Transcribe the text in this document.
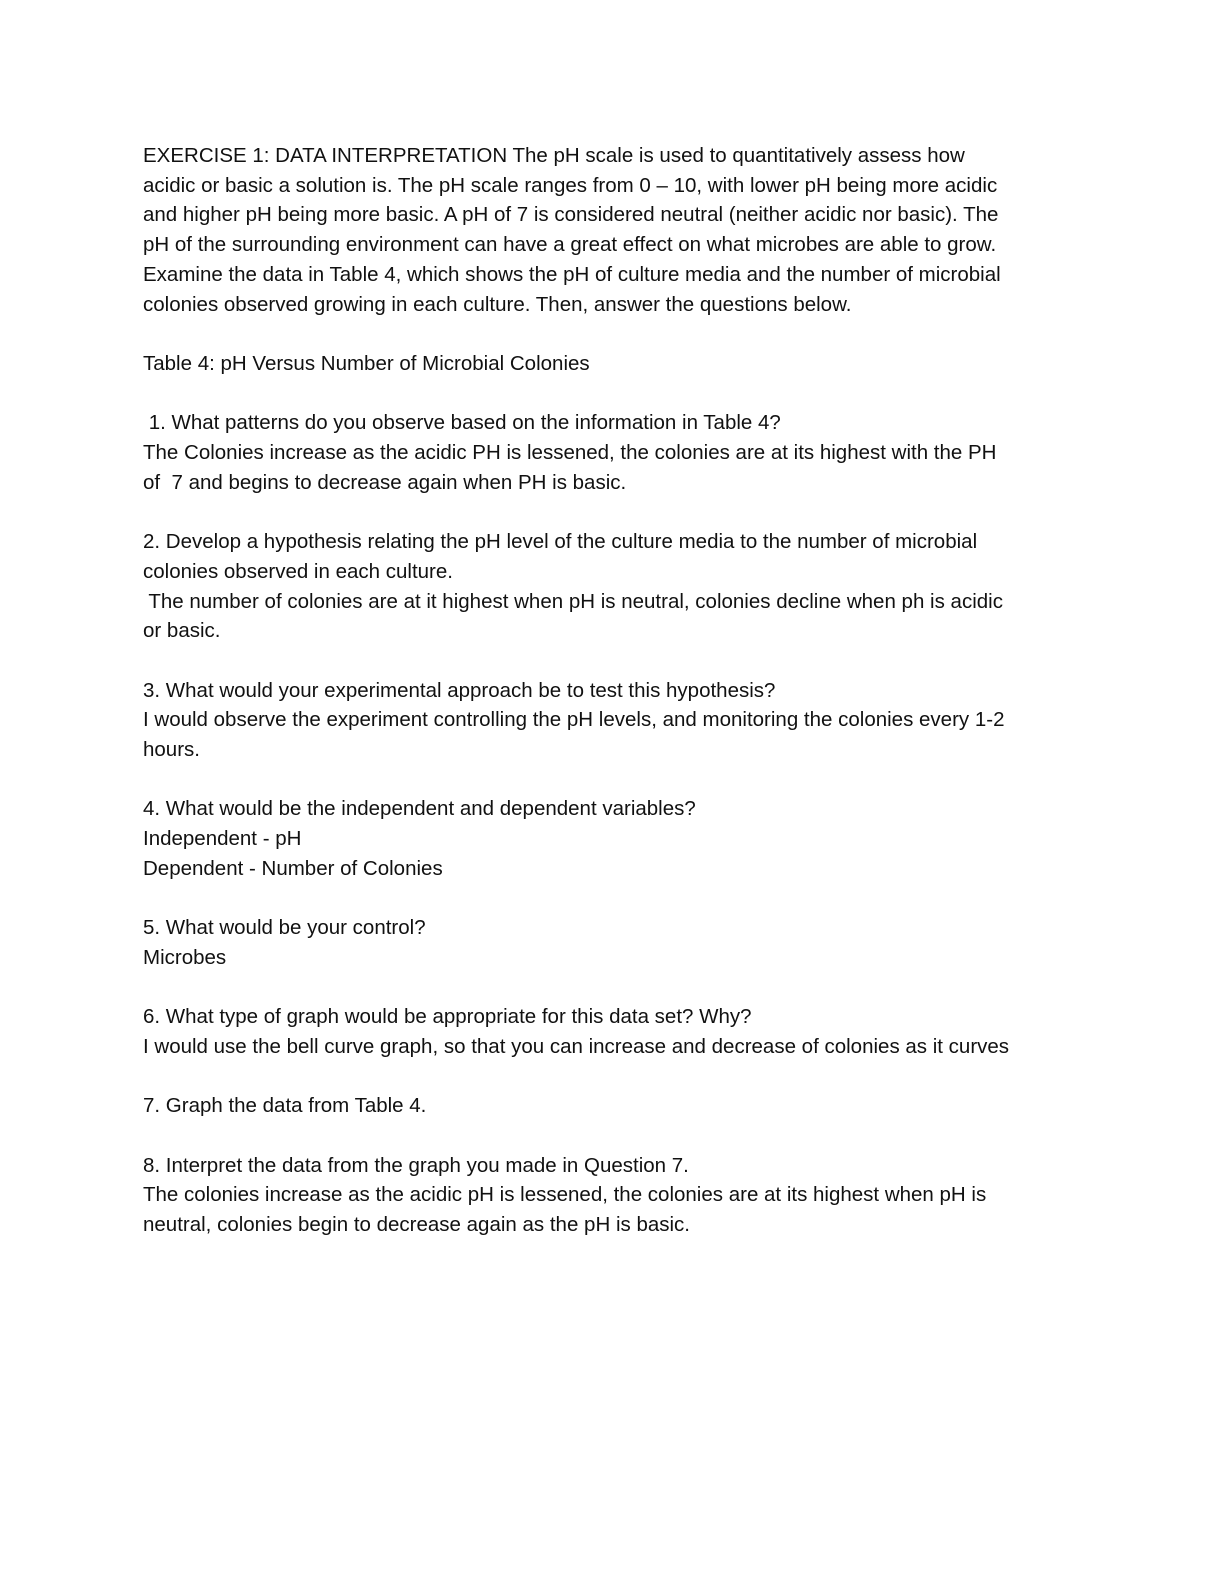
EXERCISE 1: DATA INTERPRETATION The pH scale is used to quantitatively assess how
acidic or basic a solution is. The pH scale ranges from 0 – 10, with lower pH being more acidic
and higher pH being more basic. A pH of 7 is considered neutral (neither acidic nor basic). The
pH of the surrounding environment can have a great effect on what microbes are able to grow.
Examine the data in Table 4, which shows the pH of culture media and the number of microbial
colonies observed growing in each culture. Then, answer the questions below.
Table 4: pH Versus Number of Microbial Colonies
1. What patterns do you observe based on the information in Table 4?
The Colonies increase as the acidic PH is lessened, the colonies are at its highest with the PH
of  7 and begins to decrease again when PH is basic.
2. Develop a hypothesis relating the pH level of the culture media to the number of microbial
colonies observed in each culture.
The number of colonies are at it highest when pH is neutral, colonies decline when ph is acidic
or basic.
3. What would your experimental approach be to test this hypothesis?
I would observe the experiment controlling the pH levels, and monitoring the colonies every 1-2
hours.
4. What would be the independent and dependent variables?
Independent - pH
Dependent - Number of Colonies
5. What would be your control?
Microbes
6. What type of graph would be appropriate for this data set? Why?
I would use the bell curve graph, so that you can increase and decrease of colonies as it curves
7. Graph the data from Table 4.
8. Interpret the data from the graph you made in Question 7.
The colonies increase as the acidic pH is lessened, the colonies are at its highest when pH is
neutral, colonies begin to decrease again as the pH is basic.
